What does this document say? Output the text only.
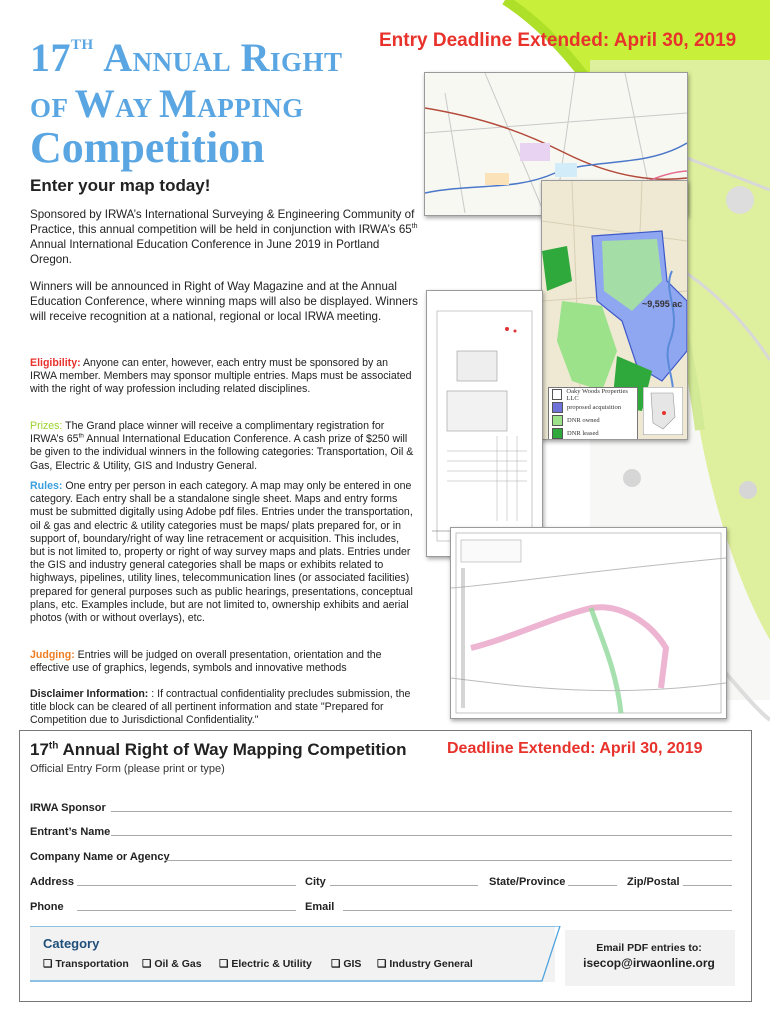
17TH ANNUAL RIGHT
OF WAY MAPPING
Competition
Entry Deadline Extended: April 30, 2019
Enter your map today!
Sponsored by IRWA’s International Surveying & Engineering Community of Practice, this annual competition will be held in conjunction with IRWA’s 65th Annual International Education Conference in June 2019 in Portland Oregon.
Winners will be announced in Right of Way Magazine and at the Annual Education Conference, where winning maps will also be displayed. Winners will receive recognition at a national, regional or local IRWA meeting.
Eligibility: Anyone can enter, however, each entry must be sponsored by an IRWA member. Members may sponsor multiple entries. Maps must be associated with the right of way profession including related disciplines.
Prizes: The Grand place winner will receive a complimentary registration for IRWA’s 65th Annual International Education Conference. A cash prize of $250 will be given to the individual winners in the following categories: Transportation, Oil & Gas, Electric & Utility, GIS and Industry General.
Rules: One entry per person in each category. A map may only be entered in one category. Each entry shall be a standalone single sheet. Maps and entry forms must be submitted digitally using Adobe pdf files. Entries under the transportation, oil & gas and electric & utility categories must be maps/ plats prepared for, or in support of, boundary/right of way line retracement or acquisition. This includes, but is not limited to, property or right of way survey maps and plats. Entries under the GIS and industry general categories shall be maps or exhibits related to highways, pipelines, utility lines, telecommunication lines (or associated facilities) prepared for general purposes such as public hearings, presentations, conceptual plans, etc. Examples include, but are not limited to, ownership exhibits and aerial photos (with or without overlays), etc.
Judging: Entries will be judged on overall presentation, orientation and the effective use of graphics, legends, symbols and innovative methods
Disclaimer Information: : If contractual confidentiality precludes submission, the title block can be cleared of all pertinent information and state "Prepared for Competition due to Jurisdictional Confidentiality."
~9,595 ac
Oaky Woods Properties LLC
proposed acquisition
DNR owned
DNR leased
17th Annual Right of Way Mapping Competition	Deadline Extended: April 30, 2019
Official Entry Form (please print or type)
IRWA Sponsor
Entrant’s Name
Company Name or Agency
Address	City	State/Province	Zip/Postal
Phone	Email
Category
❑ Transportation ❑ Oil & Gas ❑ Electric & Utility ❑ GIS ❑ Industry General
Email PDF entries to:
isecop@irwaonline.org
